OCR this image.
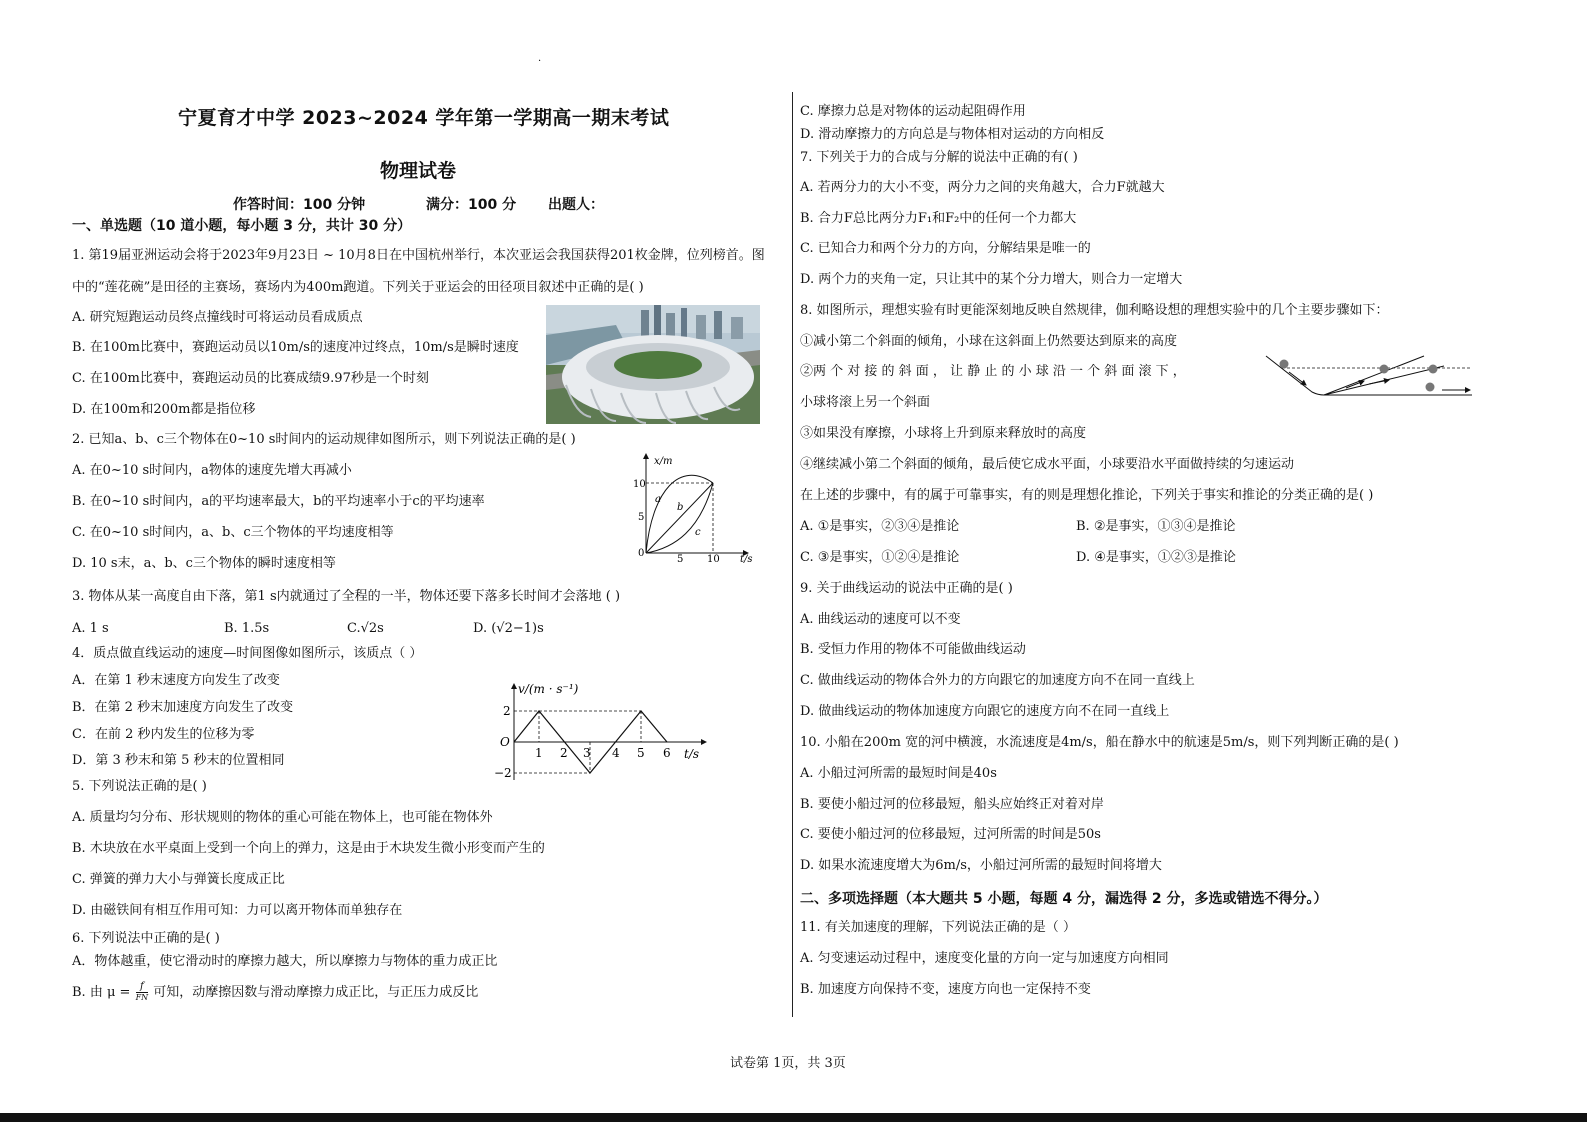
·
宁夏育才中学 2023~2024 学年第一学期高一期末考试
物理试卷
作答时间：100 分钟	满分：100 分 出题人：
一、单选题（10 道小题，每小题 3 分，共计 30 分）
1. 第19届亚洲运动会将于2023年9月23日 ~ 10月8日在中国杭州举行，本次亚运会我国获得201枚金牌，位列榜首。图
中的“莲花碗”是田径的主赛场，赛场内为400m跑道。下列关于亚运会的田径项目叙述中正确的是( )
A. 研究短跑运动员终点撞线时可将运动员看成质点
B. 在100m比赛中，赛跑运动员以10m/s的速度冲过终点，10m/s是瞬时速度
C. 在100m比赛中，赛跑运动员的比赛成绩9.97秒是一个时刻
D. 在100m和200m都是指位移
2. 已知a、b、c三个物体在0~10 s时间内的运动规律如图所示，则下列说法正确的是( )
A. 在0~10 s时间内，a物体的速度先增大再减小
B. 在0~10 s时间内，a的平均速率最大，b的平均速率小于c的平均速率
C. 在0~10 s时间内，a、b、c三个物体的平均速度相等
D. 10 s末，a、b、c三个物体的瞬时速度相等
x/m
t/s
10
5
0
5 10
a
b
c
3. 物体从某一高度自由下落，第1 s内就通过了全程的一半，物体还要下落多长时间才会落地 ( )
A. 1 s	B. 1.5s	C.√2s	D. (√2−1)s
4．质点做直线运动的速度—时间图像如图所示，该质点（ ）
A．在第 1 秒末速度方向发生了改变
B．在第 2 秒末加速度方向发生了改变
C．在前 2 秒内发生的位移为零
D．第 3 秒末和第 5 秒末的位置相同
v/(m · s⁻¹)
t/s
O
2
−2
1 2 3 4 5 6
5. 下列说法正确的是( )
A. 质量均匀分布、形状规则的物体的重心可能在物体上，也可能在物体外
B. 木块放在水平桌面上受到一个向上的弹力，这是由于木块发生微小形变而产生的
C. 弹簧的弹力大小与弹簧长度成正比
D. 由磁铁间有相互作用可知：力可以离开物体而单独存在
6. 下列说法中正确的是( )
A．物体越重，使它滑动时的摩擦力越大，所以摩擦力与物体的重力成正比
B. 由 μ = f
FN 可知，动摩擦因数与滑动摩擦力成正比，与正压力成反比
C. 摩擦力总是对物体的运动起阻碍作用
D. 滑动摩擦力的方向总是与物体相对运动的方向相反
7. 下列关于力的合成与分解的说法中正确的有( )
A. 若两分力的大小不变，两分力之间的夹角越大，合力F就越大
B. 合力F总比两分力F₁和F₂中的任何一个力都大
C. 已知合力和两个分力的方向，分解结果是唯一的
D. 两个力的夹角一定，只让其中的某个分力增大，则合力一定增大
8. 如图所示，理想实验有时更能深刻地反映自然规律，伽利略设想的理想实验中的几个主要步骤如下：
①减小第二个斜面的倾角，小球在这斜面上仍然要达到原来的高度
②两 个 对 接 的 斜 面 ， 让 静 止 的 小 球 沿 一 个 斜 面 滚 下 ，
小球将滚上另一个斜面
③如果没有摩擦，小球将上升到原来释放时的高度
④继续减小第二个斜面的倾角，最后使它成水平面，小球要沿水平面做持续的匀速运动
在上述的步骤中，有的属于可靠事实，有的则是理想化推论，下列关于事实和推论的分类正确的是( )
A. ①是事实，②③④是推论	B. ②是事实，①③④是推论
C. ③是事实，①②④是推论	D. ④是事实，①②③是推论
9. 关于曲线运动的说法中正确的是( )
A. 曲线运动的速度可以不变
B. 受恒力作用的物体不可能做曲线运动
C. 做曲线运动的物体合外力的方向跟它的加速度方向不在同一直线上
D. 做曲线运动的物体加速度方向跟它的速度方向不在同一直线上
10. 小船在200m 宽的河中横渡，水流速度是4m/s，船在静水中的航速是5m/s，则下列判断正确的是( )
A. 小船过河所需的最短时间是40s
B. 要使小船过河的位移最短，船头应始终正对着对岸
C. 要使小船过河的位移最短，过河所需的时间是50s
D. 如果水流速度增大为6m/s，小船过河所需的最短时间将增大
二、多项选择题（本大题共 5 小题，每题 4 分，漏选得 2 分，多选或错选不得分。）
11. 有关加速度的理解，下列说法正确的是（ ）
A. 匀变速运动过程中，速度变化量的方向一定与加速度方向相同
B. 加速度方向保持不变，速度方向也一定保持不变
试卷第 1页，共 3页
